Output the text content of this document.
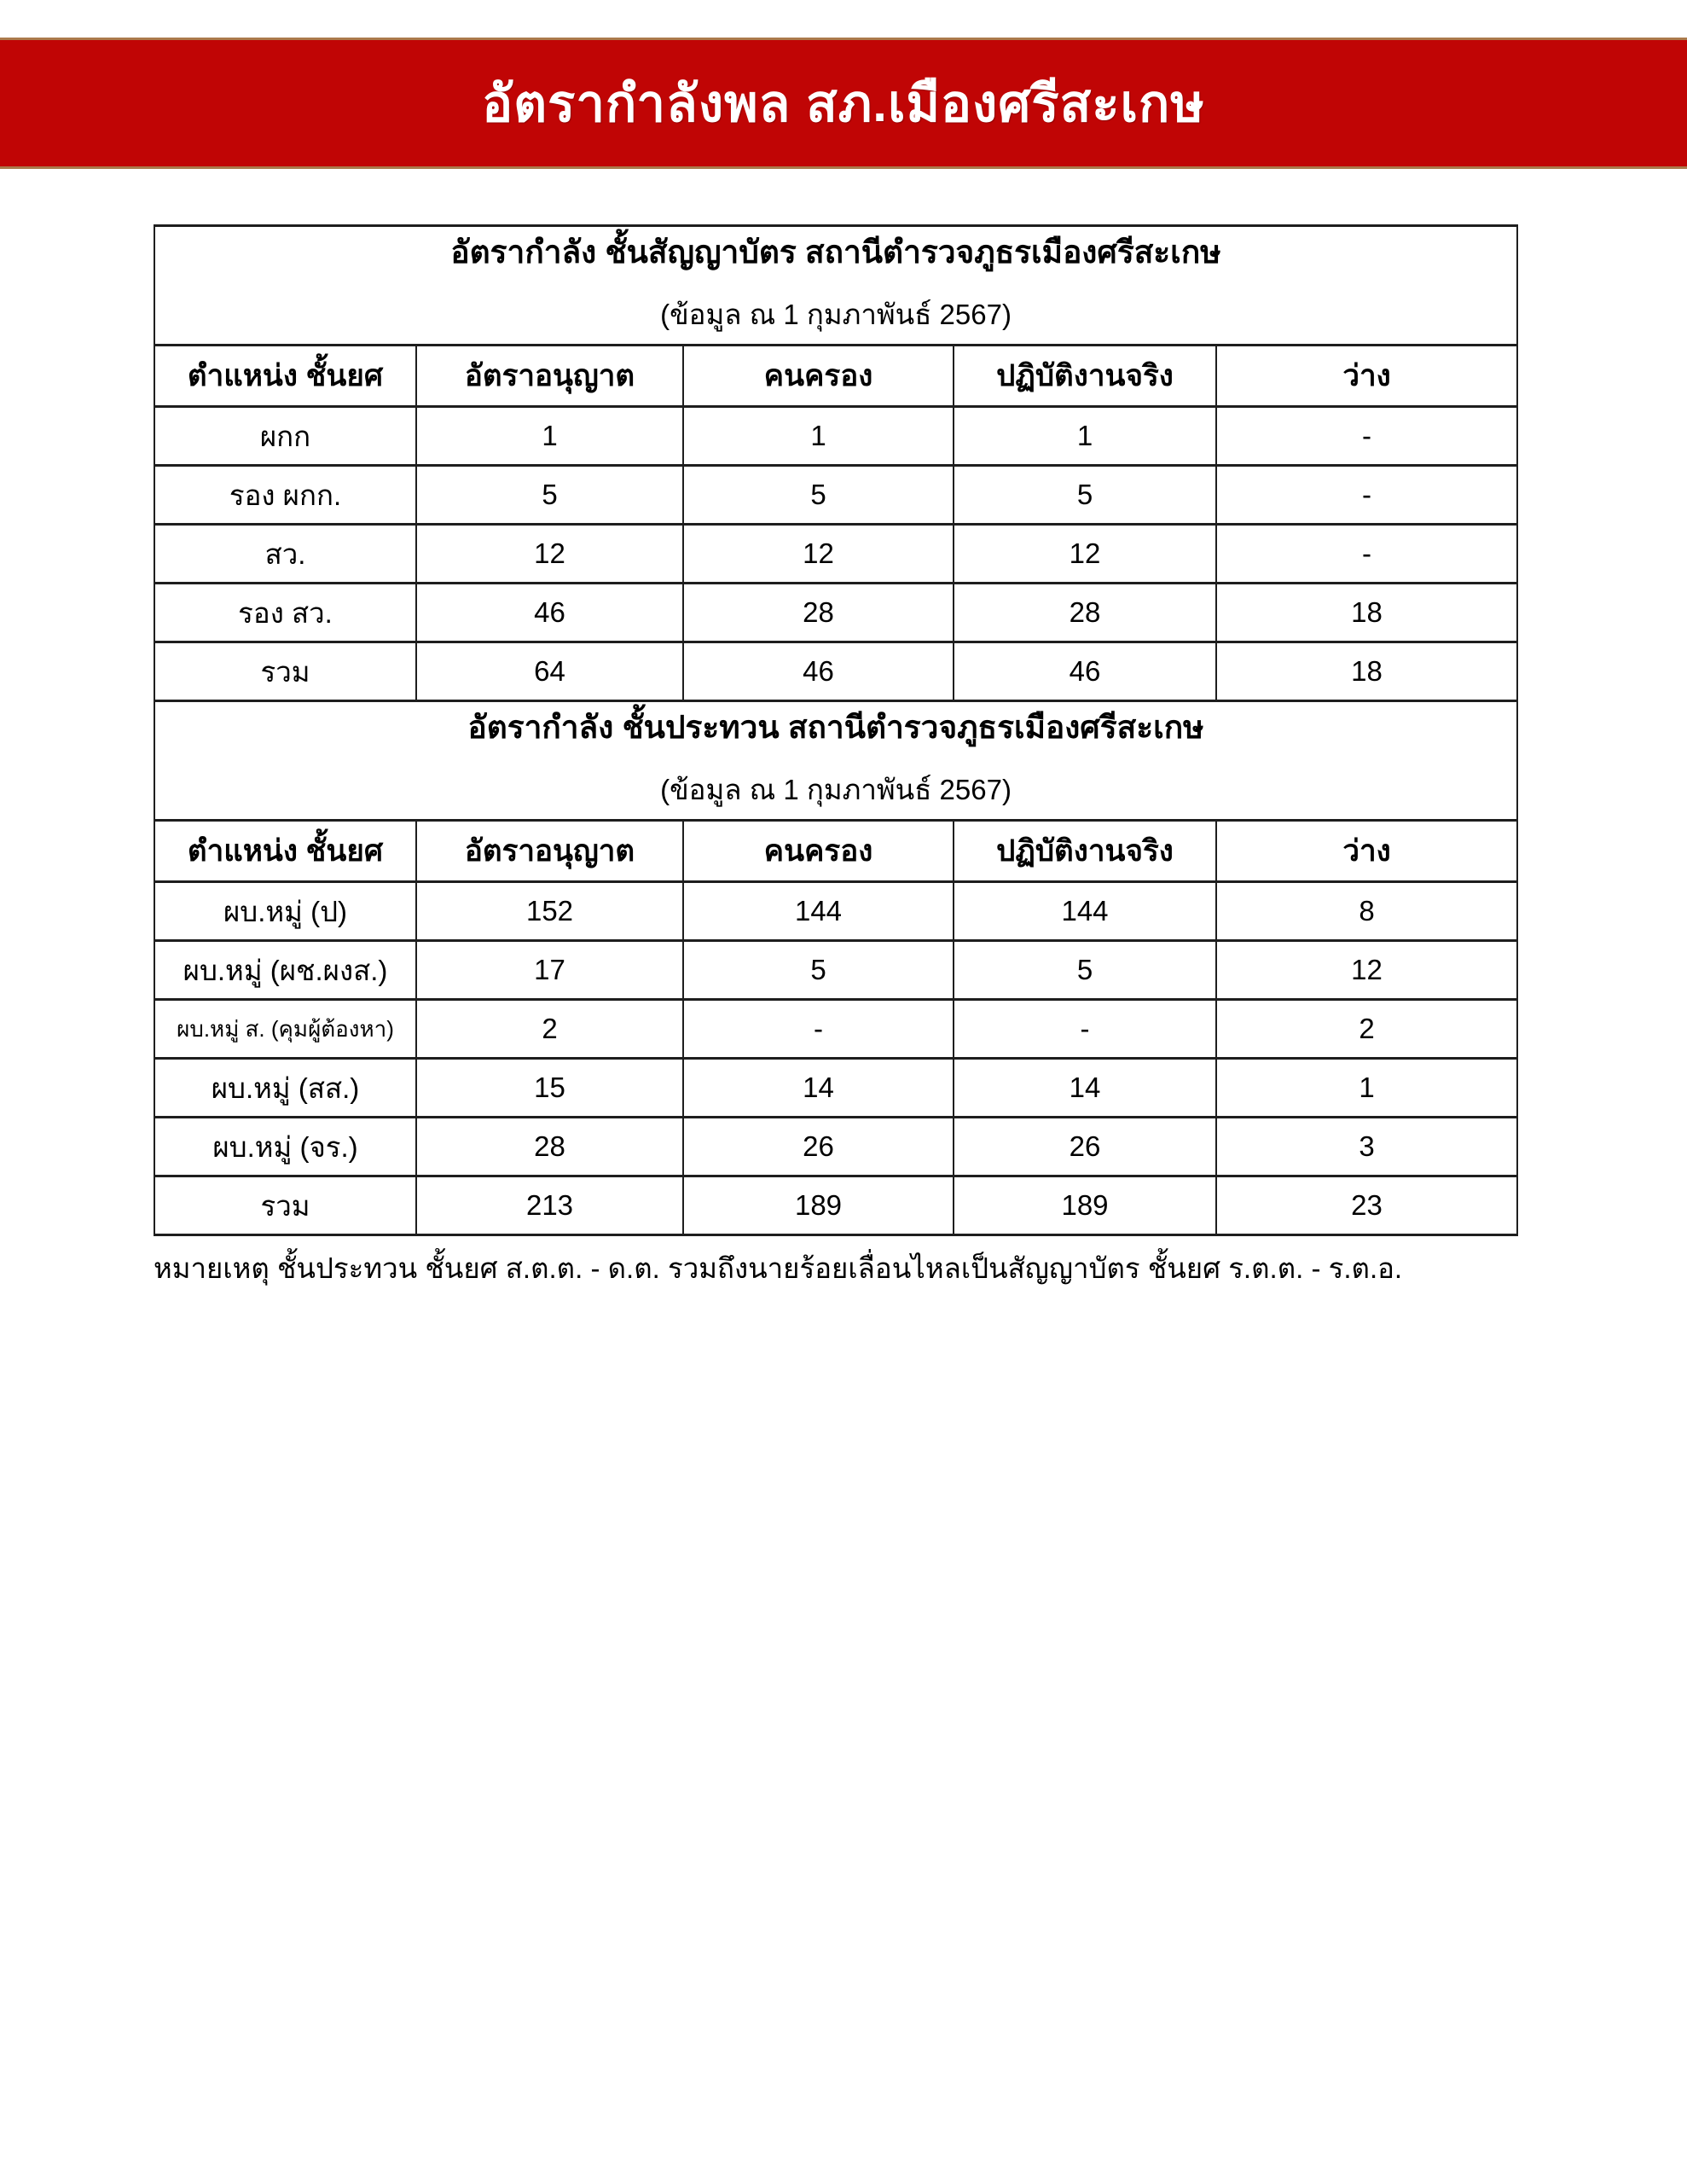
อัตรากำลังพล สภ.เมืองศรีสะเกษ
อัตรากำลัง ชั้นสัญญาบัตร สถานีตำรวจภูธรเมืองศรีสะเกษ
(ข้อมูล ณ 1 กุมภาพันธ์ 2567)				

ตำแหน่ง ชั้นยศ	อัตราอนุญาต	คนครอง	ปฏิบัติงานจริง	ว่าง
ผกก	1	1	1	-
รอง ผกก.	5	5	5	-
สว.	12	12	12	-
รอง สว.	46	28	28	18
รวม	64	46	46	18

อัตรากำลัง ชั้นประทวน สถานีตำรวจภูธรเมืองศรีสะเกษ
(ข้อมูล ณ 1 กุมภาพันธ์ 2567)				

ตำแหน่ง ชั้นยศ	อัตราอนุญาต	คนครอง	ปฏิบัติงานจริง	ว่าง
ผบ.หมู่ (ป)	152	144	144	8
ผบ.หมู่ (ผช.ผงส.)	17	5	5	12
ผบ.หมู่ ส. (คุมผู้ต้องหา)	2	-	-	2
ผบ.หมู่ (สส.)	15	14	14	1
ผบ.หมู่ (จร.)	28	26	26	3
รวม	213	189	189	23
หมายเหตุ ชั้นประทวน ชั้นยศ ส.ต.ต. - ด.ต. รวมถึงนายร้อยเลื่อนไหลเป็นสัญญาบัตร ชั้นยศ ร.ต.ต. - ร.ต.อ.
